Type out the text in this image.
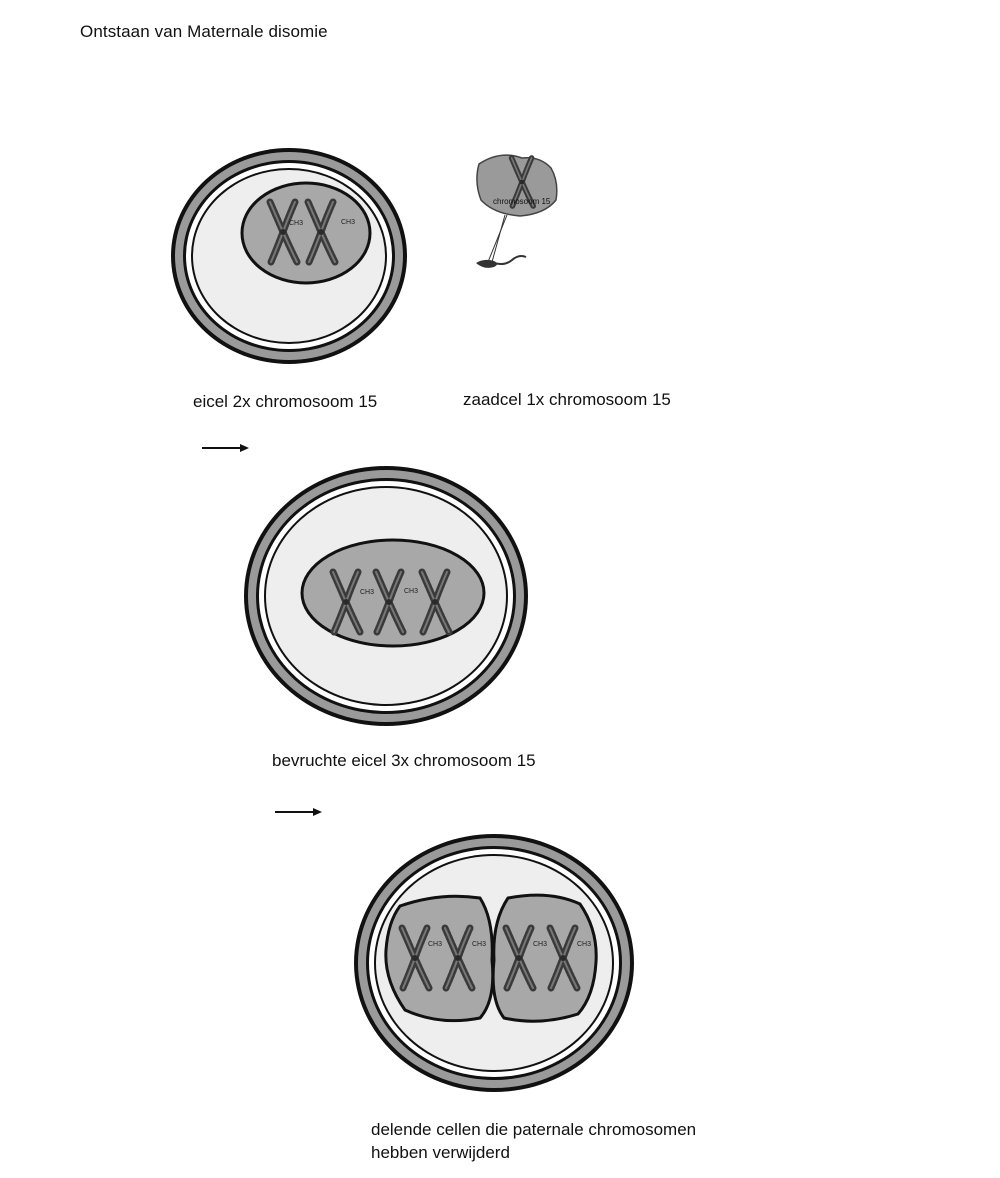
Ontstaan van Maternale disomie
CH3	CH3
chromosoom 15
CH3	CH3
CH3	CH3	CH3	CH3
eicel 2x chromosoom 15	zaadcel 1x chromosoom 15
bevruchte eicel 3x chromosoom 15
delende cellen die paternale chromosomen
hebben verwijderd
